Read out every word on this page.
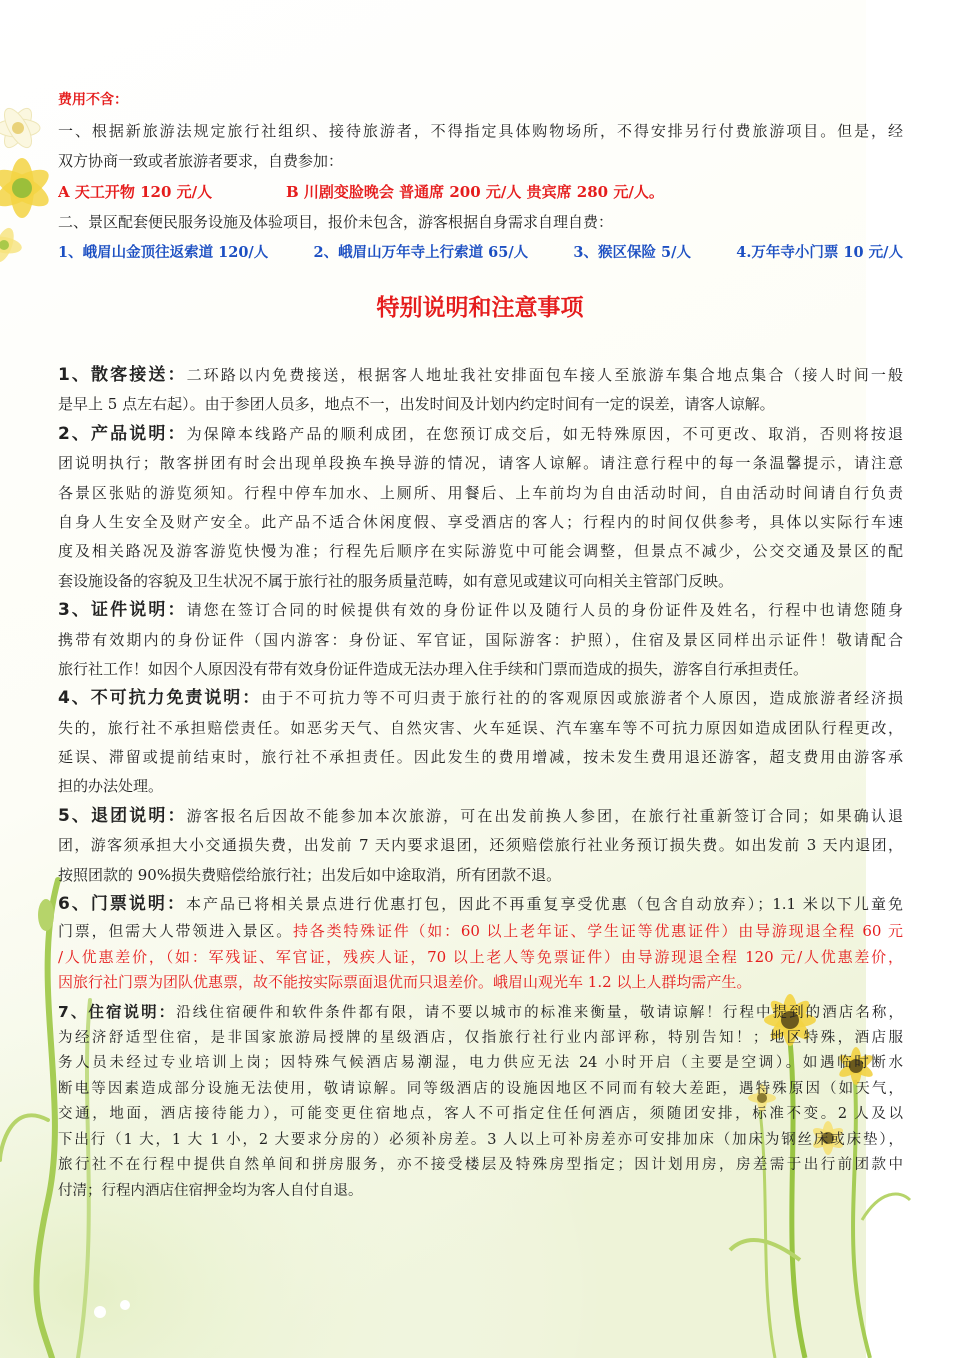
费用不含：
一、根据新旅游法规定旅行社组织、接待旅游者，不得指定具体购物场所，不得安排另行付费旅游项目。但是，经
双方协商一致或者旅游者要求，自费参加：
A 天工开物 120 元/人	B 川剧变脸晚会 普通席 200 元/人 贵宾席 280 元/人。
二、景区配套便民服务设施及体验项目，报价未包含，游客根据自身需求自理自费：
1、峨眉山金顶往返索道 120/人	2、峨眉山万年寺上行索道 65/人	3、猴区保险 5/人	4.万年寺小门票 10 元/人
特别说明和注意事项
1、散客接送：二环路以内免费接送，根据客人地址我社安排面包车接人至旅游车集合地点集合（接人时间一般
是早上 5 点左右起）。由于参团人员多，地点不一，出发时间及计划内约定时间有一定的误差，请客人谅解。
2、产品说明：为保障本线路产品的顺利成团，在您预订成交后，如无特殊原因，不可更改、取消，否则将按退
团说明执行；散客拼团有时会出现单段换车换导游的情况，请客人谅解。请注意行程中的每一条温馨提示，请注意
各景区张贴的游览须知。行程中停车加水、上厕所、用餐后、上车前均为自由活动时间，自由活动时间请自行负责
自身人生安全及财产安全。此产品不适合休闲度假、享受酒店的客人；行程内的时间仅供参考，具体以实际行车速
度及相关路况及游客游览快慢为准；行程先后顺序在实际游览中可能会调整，但景点不减少，公交交通及景区的配
套设施设备的容貌及卫生状况不属于旅行社的服务质量范畴，如有意见或建议可向相关主管部门反映。
3、证件说明：请您在签订合同的时候提供有效的身份证件以及随行人员的身份证件及姓名，行程中也请您随身
携带有效期内的身份证件（国内游客：身份证、军官证，国际游客：护照），住宿及景区同样出示证件！敬请配合
旅行社工作！如因个人原因没有带有效身份证件造成无法办理入住手续和门票而造成的损失，游客自行承担责任。
4、不可抗力免责说明：由于不可抗力等不可归责于旅行社的的客观原因或旅游者个人原因，造成旅游者经济损
失的，旅行社不承担赔偿责任。如恶劣天气、自然灾害、火车延误、汽车塞车等不可抗力原因如造成团队行程更改，
延误、滞留或提前结束时，旅行社不承担责任。因此发生的费用增减，按未发生费用退还游客，超支费用由游客承
担的办法处理。
5、退团说明：游客报名后因故不能参加本次旅游，可在出发前换人参团，在旅行社重新签订合同；如果确认退
团，游客须承担大小交通损失费，出发前 7 天内要求退团，还须赔偿旅行社业务预订损失费。如出发前 3 天内退团，
按照团款的 90%损失费赔偿给旅行社；出发后如中途取消，所有团款不退。
6、门票说明：本产品已将相关景点进行优惠打包，因此不再重复享受优惠（包含自动放弃）；1.1 米以下儿童免
门票，但需大人带领进入景区。持各类特殊证件（如：60 以上老年证、学生证等优惠证件）由导游现退全程 60 元
/人优惠差价，（如：军残证、军官证，残疾人证，70 以上老人等免票证件）由导游现退全程 120 元/人优惠差价，
因旅行社门票为团队优惠票，故不能按实际票面退优而只退差价。峨眉山观光车 1.2 以上人群均需产生。
7、住宿说明：沿线住宿硬件和软件条件都有限，请不要以城市的标准来衡量，敬请谅解！行程中提到的酒店名称，
为经济舒适型住宿，是非国家旅游局授牌的星级酒店，仅指旅行社行业内部评称，特别告知！；地区特殊，酒店服
务人员未经过专业培训上岗；因特殊气候酒店易潮湿，电力供应无法 24 小时开启（主要是空调）。如遇临时断水
断电等因素造成部分设施无法使用，敬请谅解。同等级酒店的设施因地区不同而有较大差距，遇特殊原因（如天气，
交通，地面，酒店接待能力），可能变更住宿地点，客人不可指定住任何酒店，须随团安排，标准不变。2 人及以
下出行（1 大，1 大 1 小，2 大要求分房的）必须补房差。3 人以上可补房差亦可安排加床（加床为钢丝床或床垫），
旅行社不在行程中提供自然单间和拼房服务，亦不接受楼层及特殊房型指定；因计划用房，房差需于出行前团款中
付清；行程内酒店住宿押金均为客人自付自退。
